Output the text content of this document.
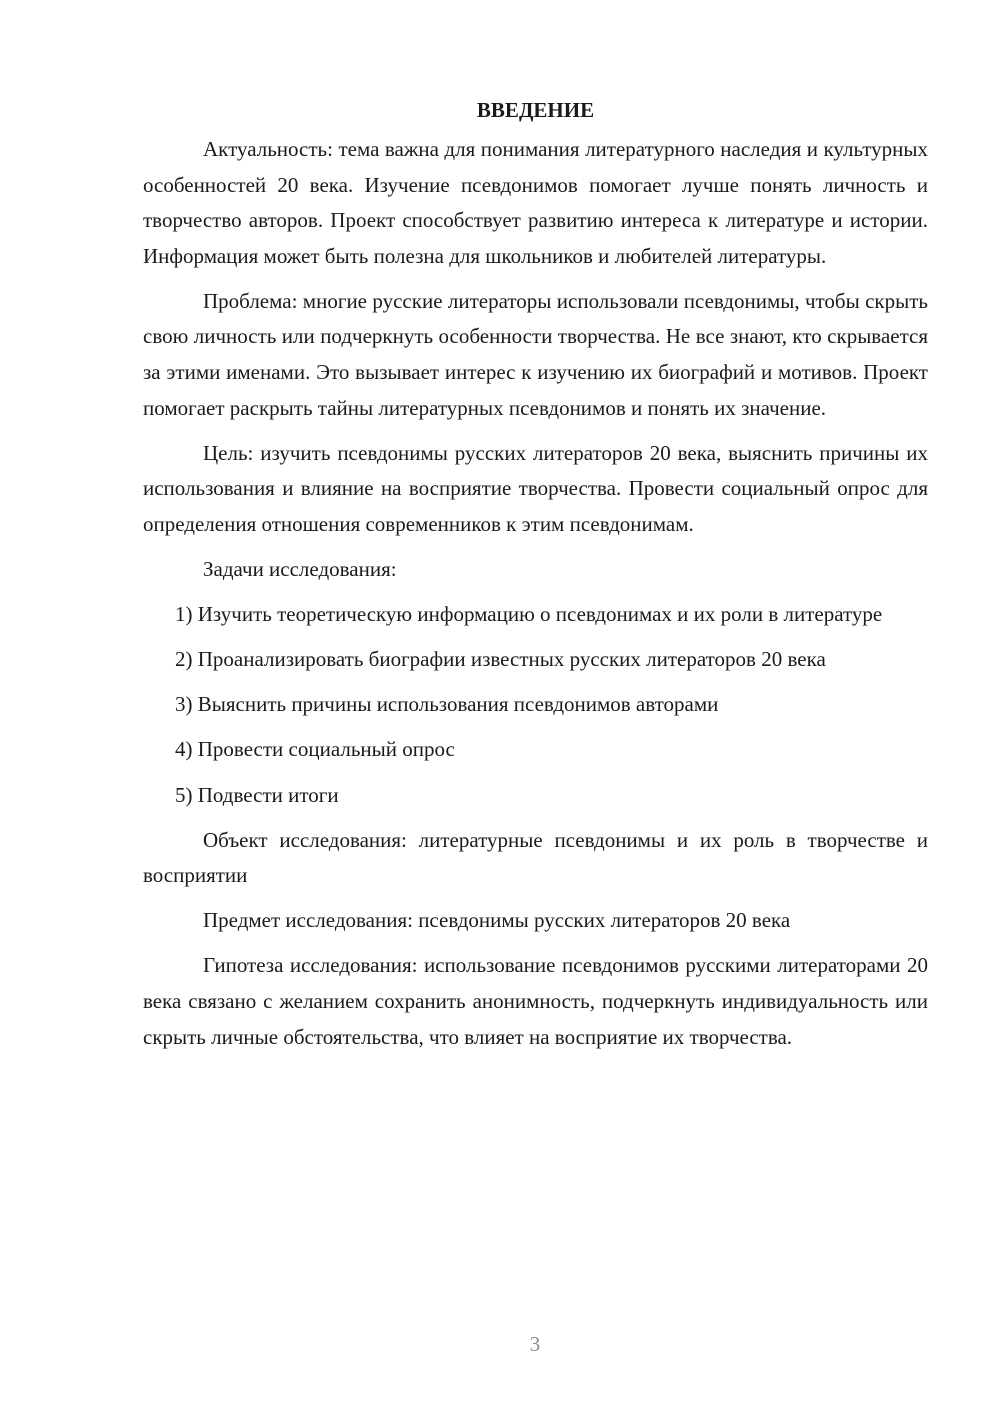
ВВЕДЕНИЕ

Актуальность: тема важна для понимания литературного наследия и культурных особенностей 20 века. Изучение псевдонимов помогает лучше понять личность и творчество авторов. Проект способствует развитию интереса к литературе и истории. Информация может быть полезна для школьников и любителей литературы.

Проблема: многие русские литераторы использовали псевдонимы, чтобы скрыть свою личность или подчеркнуть особенности творчества. Не все знают, кто скрывается за этими именами. Это вызывает интерес к изучению их биографий и мотивов. Проект помогает раскрыть тайны литературных псевдонимов и понять их значение.

Цель: изучить псевдонимы русских литераторов 20 века, выяснить причины их использования и влияние на восприятие творчества. Провести социальный опрос для определения отношения современников к этим псевдонимам.

Задачи исследования:

1) Изучить теоретическую информацию о псевдонимах и их роли в литературе

2) Проанализировать биографии известных русских литераторов 20 века

3) Выяснить причины использования псевдонимов авторами

4) Провести социальный опрос

5) Подвести итоги

Объект исследования: литературные псевдонимы и их роль в творчестве и восприятии

Предмет исследования: псевдонимы русских литераторов 20 века

Гипотеза исследования: использование псевдонимов русскими литераторами 20 века связано с желанием сохранить анонимность, подчеркнуть индивидуальность или скрыть личные обстоятельства, что влияет на восприятие их творчества.

3
